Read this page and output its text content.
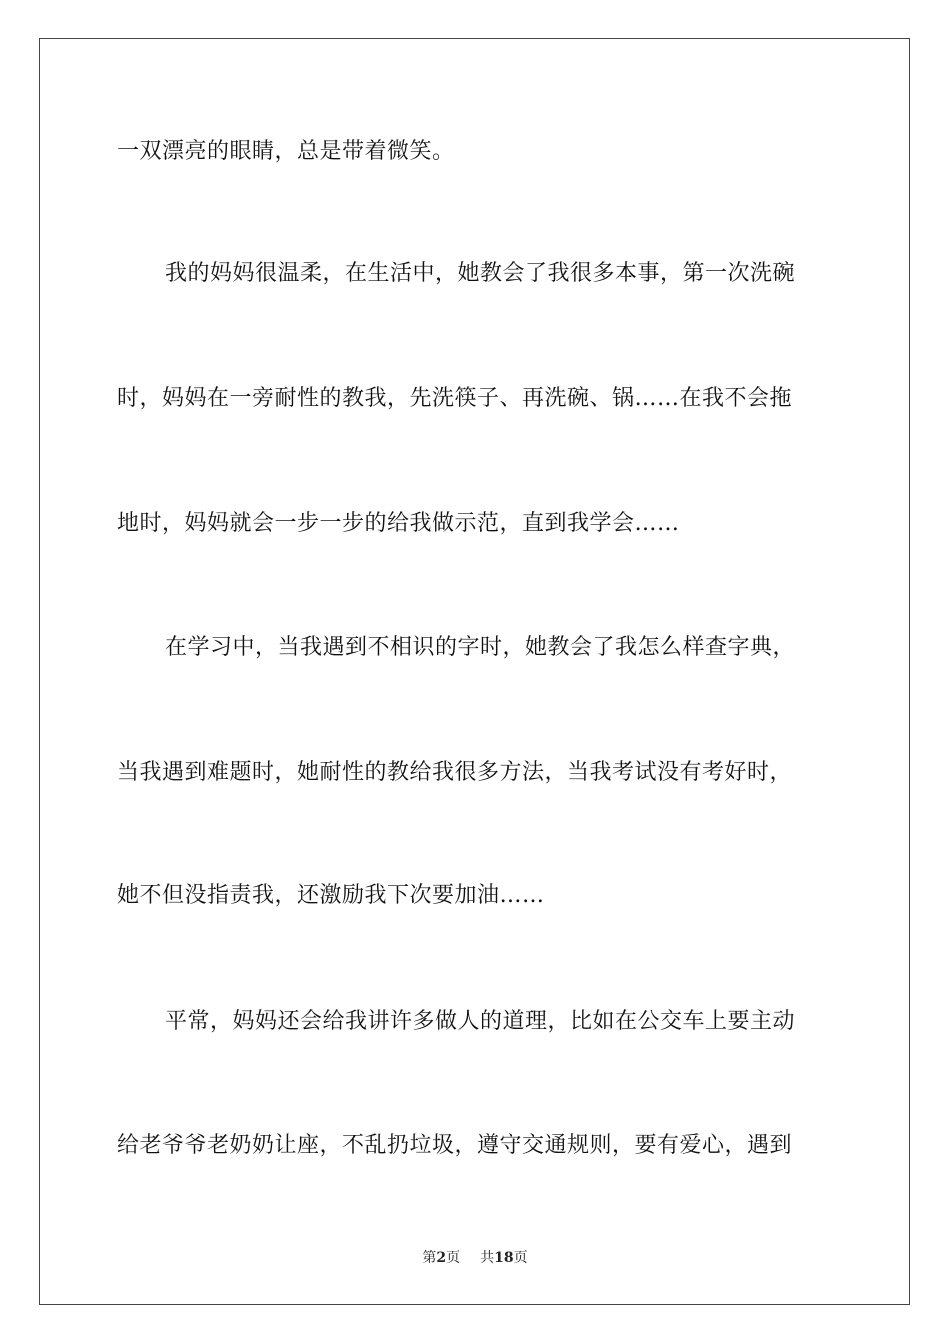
一双漂亮的眼睛，总是带着微笑。
我的妈妈很温柔，在生活中，她教会了我很多本事，第一次洗碗
时，妈妈在一旁耐性的教我，先洗筷子、再洗碗、锅……在我不会拖
地时，妈妈就会一步一步的给我做示范，直到我学会……
在学习中，当我遇到不相识的字时，她教会了我怎么样查字典，
当我遇到难题时，她耐性的教给我很多方法，当我考试没有考好时，
她不但没指责我，还激励我下次要加油……
平常，妈妈还会给我讲许多做人的道理，比如在公交车上要主动
给老爷爷老奶奶让座，不乱扔垃圾，遵守交通规则，要有爱心，遇到
第2页 共18页
